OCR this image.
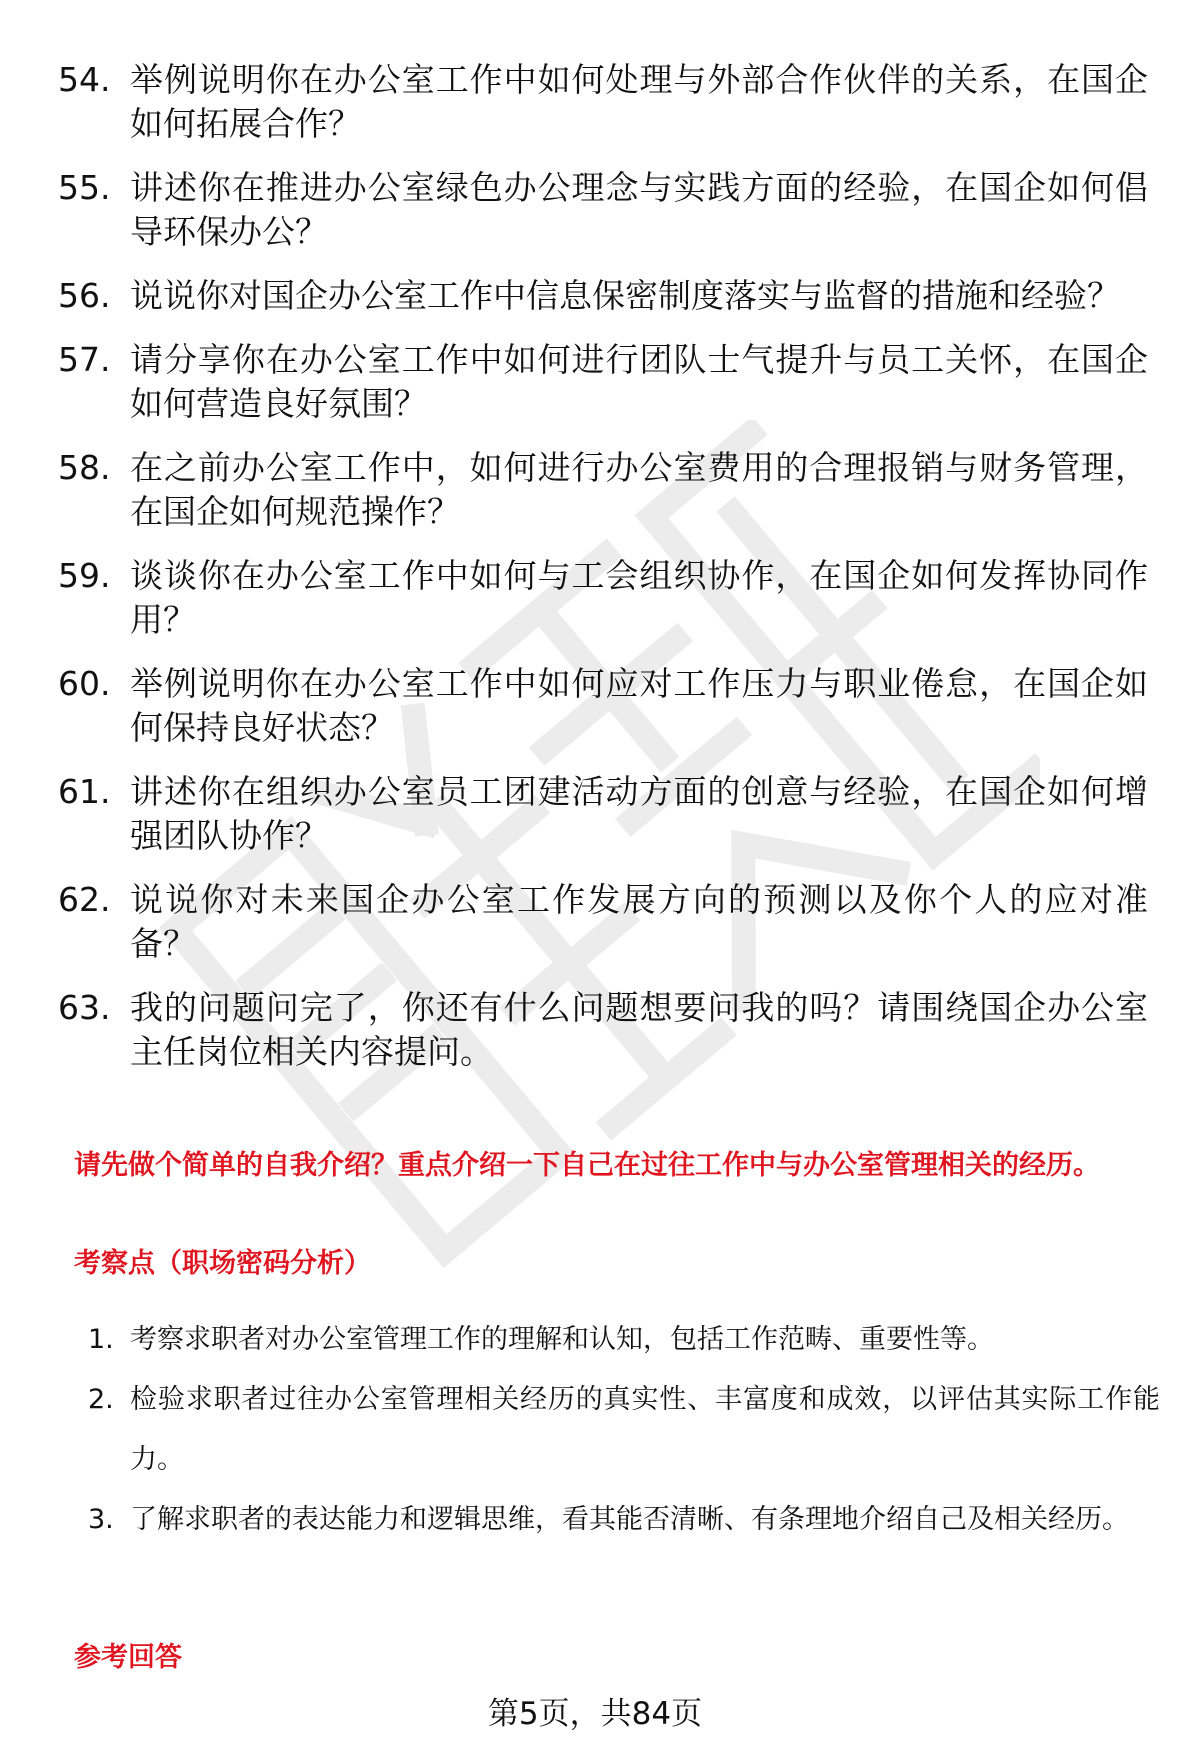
54. 举例说明你在办公室工作中如何处理与外部合作伙伴的关系，在国企如何拓展合作？
55. 讲述你在推进办公室绿色办公理念与实践方面的经验，在国企如何倡导环保办公？
56. 说说你对国企办公室工作中信息保密制度落实与监督的措施和经验？
57. 请分享你在办公室工作中如何进行团队士气提升与员工关怀，在国企如何营造良好氛围？
58. 在之前办公室工作中，如何进行办公室费用的合理报销与财务管理，在国企如何规范操作？
59. 谈谈你在办公室工作中如何与工会组织协作，在国企如何发挥协同作用？
60. 举例说明你在办公室工作中如何应对工作压力与职业倦怠，在国企如何保持良好状态？
61. 讲述你在组织办公室员工团建活动方面的创意与经验，在国企如何增强团队协作？
62. 说说你对未来国企办公室工作发展方向的预测以及你个人的应对准备？
63. 我的问题问完了，你还有什么问题想要问我的吗？请围绕国企办公室主任岗位相关内容提问。
请先做个简单的自我介绍？重点介绍一下自己在过往工作中与办公室管理相关的经历。
考察点（职场密码分析）
1. 考察求职者对办公室管理工作的理解和认知，包括工作范畴、重要性等。
2. 检验求职者过往办公室管理相关经历的真实性、丰富度和成效，以评估其实际工作能力。
3. 了解求职者的表达能力和逻辑思维，看其能否清晰、有条理地介绍自己及相关经历。
参考回答
第5页，共84页
